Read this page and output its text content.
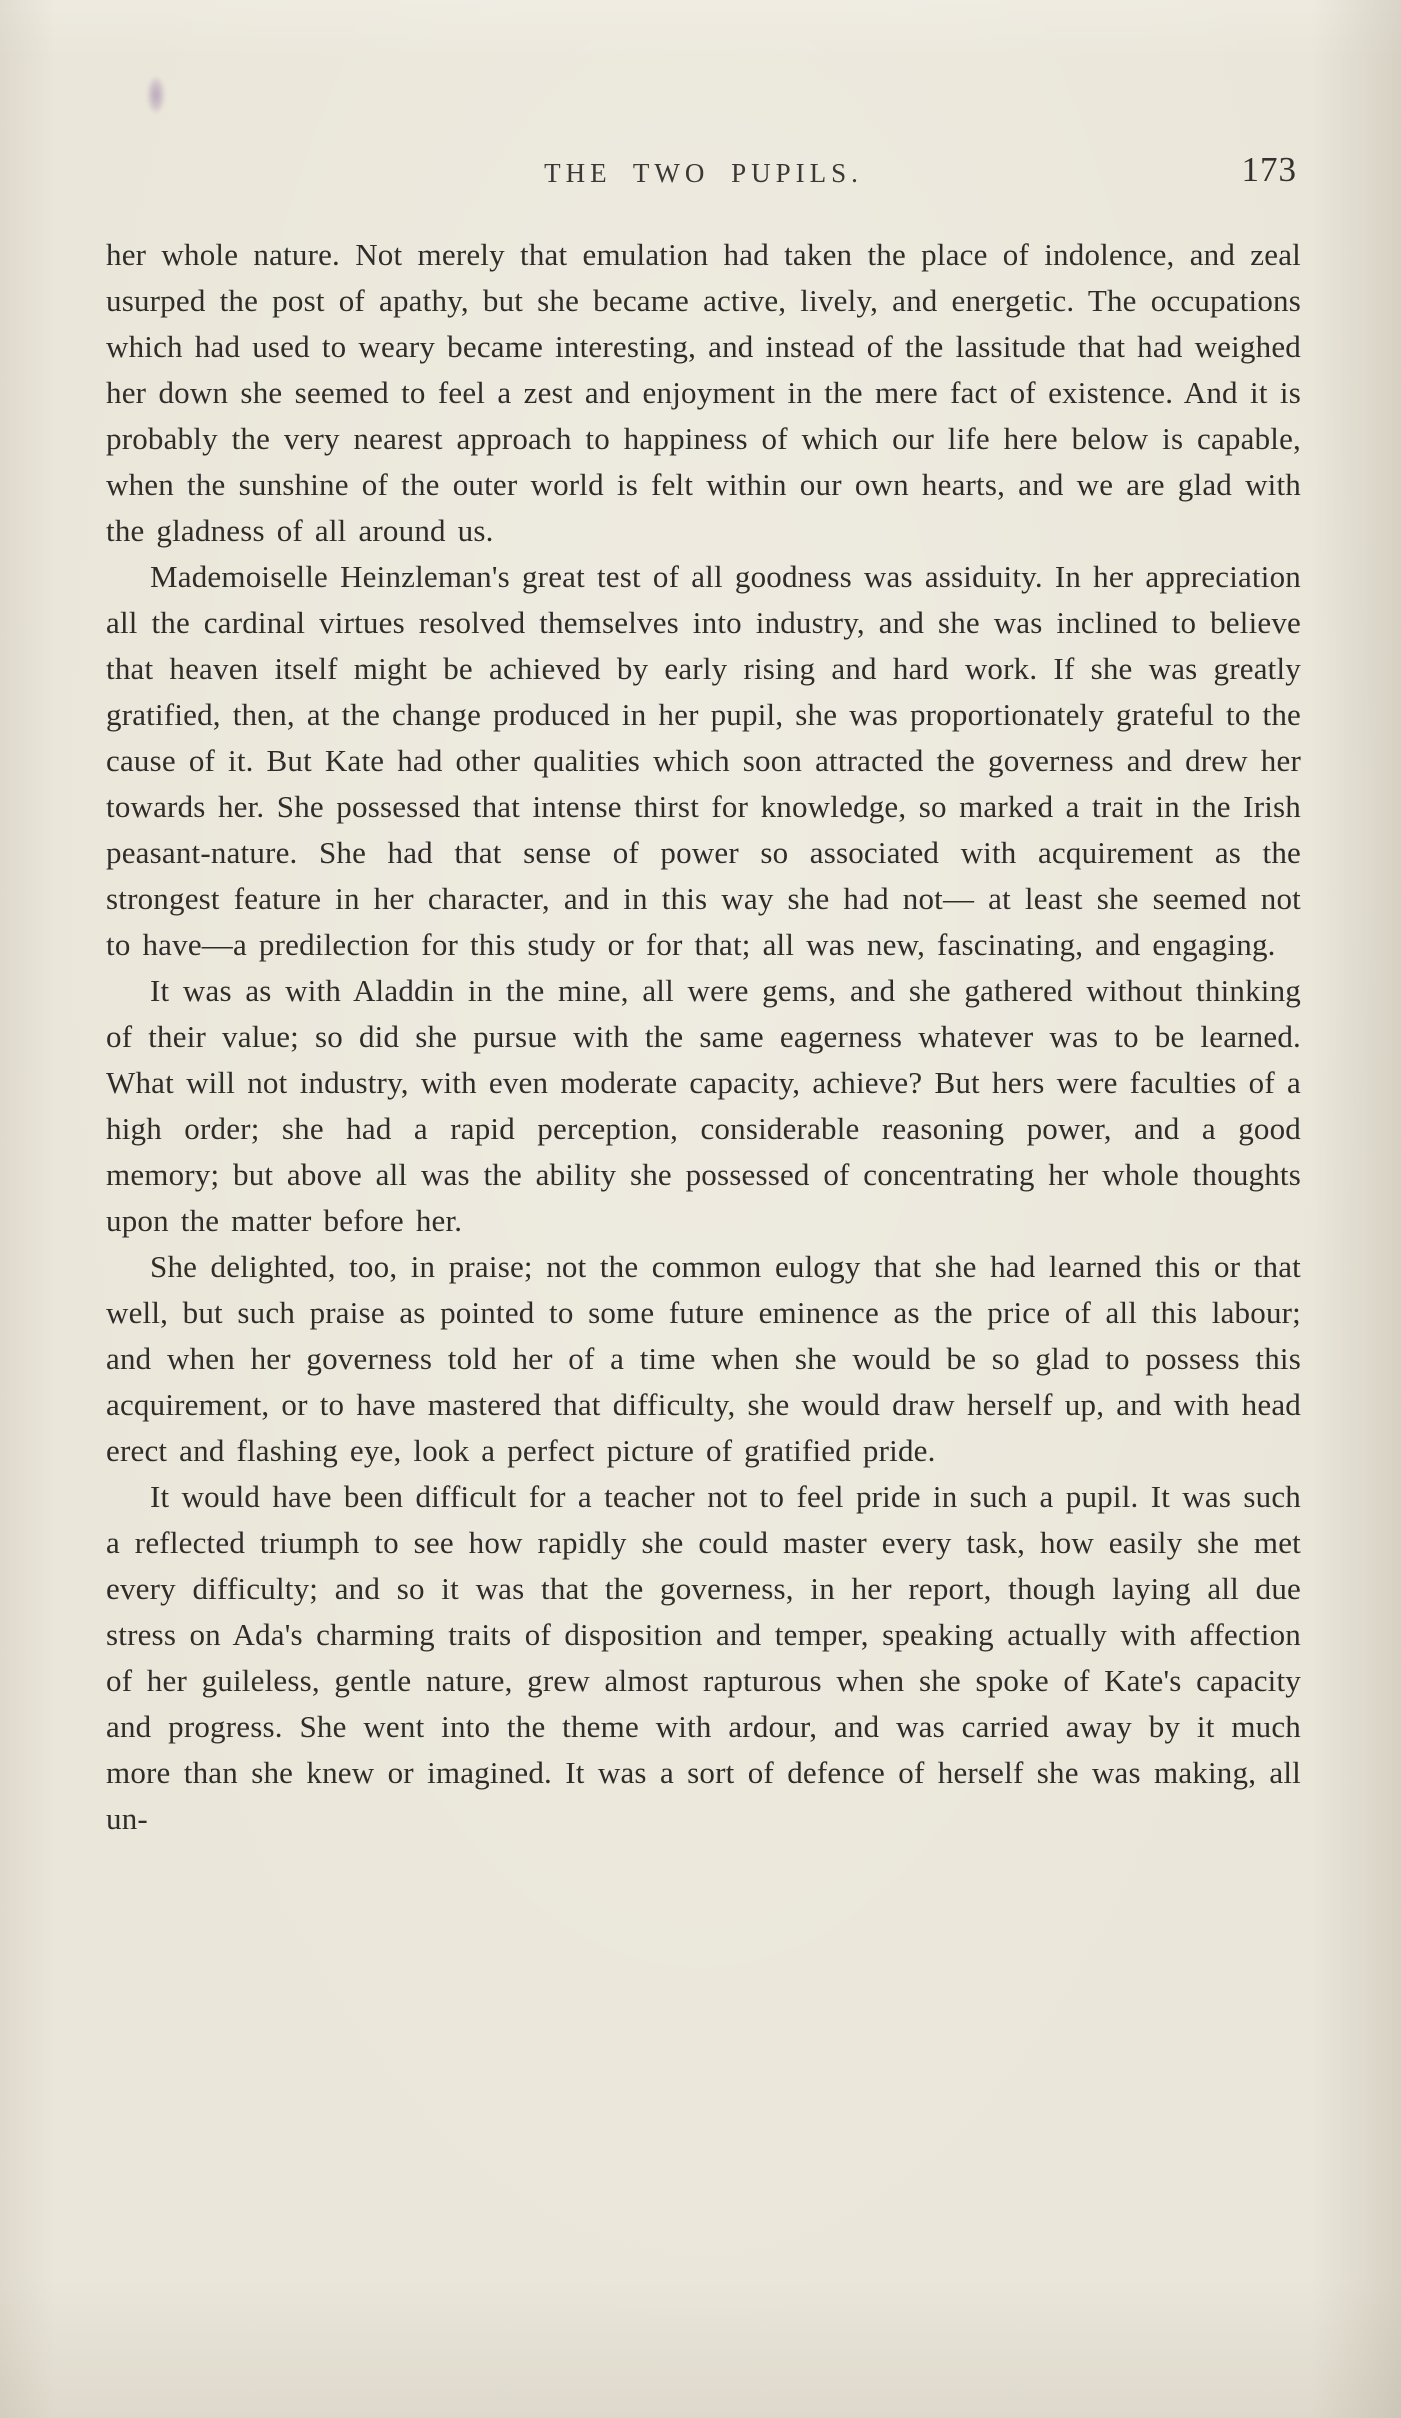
THE TWO PUPILS.	173

her whole nature. Not merely that emulation had taken the place of indolence, and zeal usurped the post of apathy, but she became active, lively, and energetic. The occupations which had used to weary became interesting, and instead of the lassitude that had weighed her down she seemed to feel a zest and enjoyment in the mere fact of existence. And it is probably the very nearest approach to happiness of which our life here below is capable, when the sunshine of the outer world is felt within our own hearts, and we are glad with the gladness of all around us.

Mademoiselle Heinzleman's great test of all goodness was assiduity. In her appreciation all the cardinal virtues resolved themselves into industry, and she was inclined to believe that heaven itself might be achieved by early rising and hard work. If she was greatly gratified, then, at the change produced in her pupil, she was proportionately grateful to the cause of it. But Kate had other qualities which soon attracted the governess and drew her towards her. She possessed that intense thirst for knowledge, so marked a trait in the Irish peasant-nature. She had that sense of power so associated with acquirement as the strongest feature in her character, and in this way she had not— at least she seemed not to have—a predilection for this study or for that; all was new, fascinating, and engaging.

It was as with Aladdin in the mine, all were gems, and she gathered without thinking of their value; so did she pursue with the same eagerness whatever was to be learned. What will not industry, with even moderate capacity, achieve? But hers were faculties of a high order; she had a rapid perception, considerable reasoning power, and a good memory; but above all was the ability she possessed of concentrating her whole thoughts upon the matter before her.

She delighted, too, in praise; not the common eulogy that she had learned this or that well, but such praise as pointed to some future eminence as the price of all this labour; and when her governess told her of a time when she would be so glad to possess this acquirement, or to have mastered that difficulty, she would draw herself up, and with head erect and flashing eye, look a perfect picture of gratified pride.

It would have been difficult for a teacher not to feel pride in such a pupil. It was such a reflected triumph to see how rapidly she could master every task, how easily she met every difficulty; and so it was that the governess, in her report, though laying all due stress on Ada's charming traits of disposition and temper, speaking actually with affection of her guileless, gentle nature, grew almost rapturous when she spoke of Kate's capacity and progress. She went into the theme with ardour, and was carried away by it much more than she knew or imagined. It was a sort of defence of herself she was making, all un-
